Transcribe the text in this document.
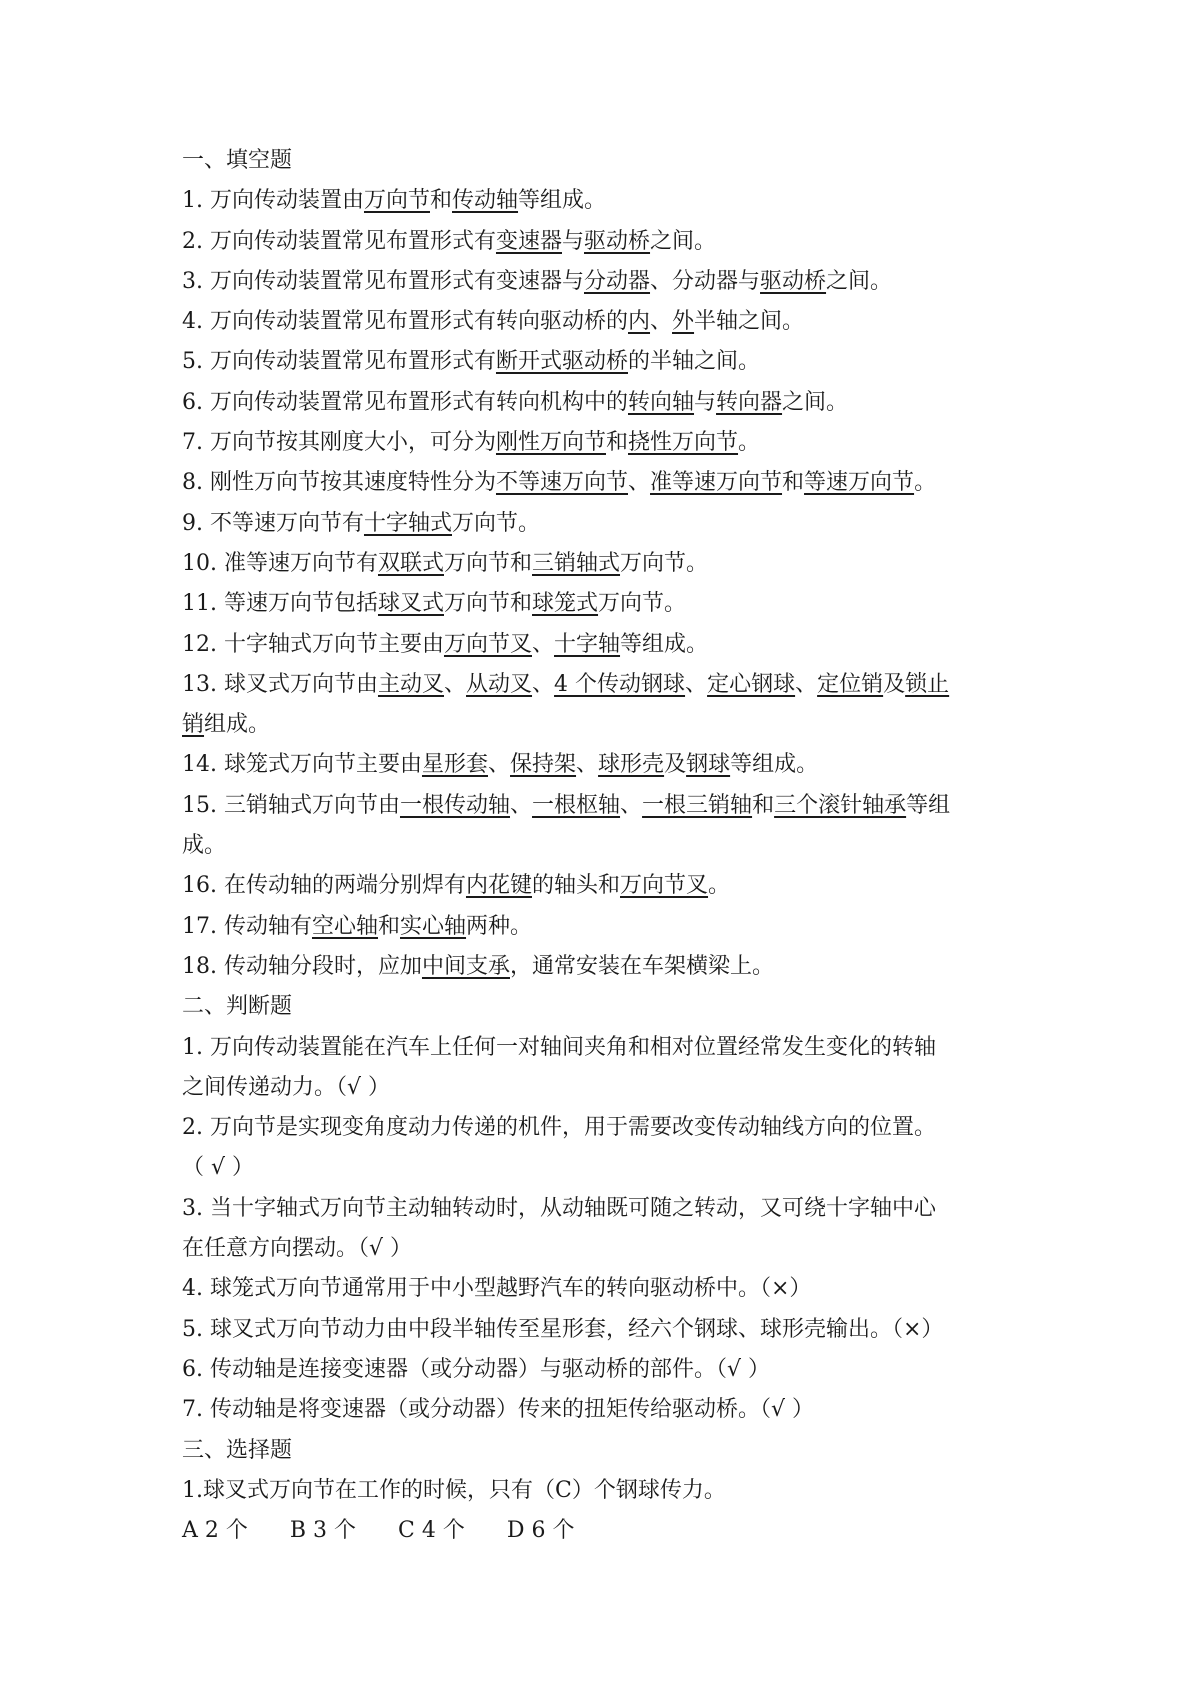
一、填空题
1. 万向传动装置由万向节和传动轴等组成。
2. 万向传动装置常见布置形式有变速器与驱动桥之间。
3. 万向传动装置常见布置形式有变速器与分动器、分动器与驱动桥之间。
4. 万向传动装置常见布置形式有转向驱动桥的内、外半轴之间。
5. 万向传动装置常见布置形式有断开式驱动桥的半轴之间。
6. 万向传动装置常见布置形式有转向机构中的转向轴与转向器之间。
7. 万向节按其刚度大小，可分为刚性万向节和挠性万向节。
8. 刚性万向节按其速度特性分为不等速万向节、准等速万向节和等速万向节。
9. 不等速万向节有十字轴式万向节。
10. 准等速万向节有双联式万向节和三销轴式万向节。
11. 等速万向节包括球叉式万向节和球笼式万向节。
12. 十字轴式万向节主要由万向节叉、十字轴等组成。
13. 球叉式万向节由主动叉、从动叉、4 个传动钢球、定心钢球、定位销及锁止
销组成。
14. 球笼式万向节主要由星形套、保持架、球形壳及钢球等组成。
15. 三销轴式万向节由一根传动轴、一根枢轴、一根三销轴和三个滚针轴承等组
成。
16. 在传动轴的两端分别焊有内花键的轴头和万向节叉。
17. 传动轴有空心轴和实心轴两种。
18. 传动轴分段时，应加中间支承，通常安装在车架横梁上。
二、判断题
1. 万向传动装置能在汽车上任何一对轴间夹角和相对位置经常发生变化的转轴
之间传递动力。（√ ）
2. 万向节是实现变角度动力传递的机件，用于需要改变传动轴线方向的位置。
（ √ ）
3. 当十字轴式万向节主动轴转动时，从动轴既可随之转动，又可绕十字轴中心
在任意方向摆动。（√ ）
4. 球笼式万向节通常用于中小型越野汽车的转向驱动桥中。（×）
5. 球叉式万向节动力由中段半轴传至星形套，经六个钢球、球形壳输出。（×）
6. 传动轴是连接变速器（或分动器）与驱动桥的部件。（√ ）
7. 传动轴是将变速器（或分动器）传来的扭矩传给驱动桥。（√ ）
三、选择题
1.球叉式万向节在工作的时候，只有（C）个钢球传力。
A 2 个 B 3 个 C 4 个 D 6 个
